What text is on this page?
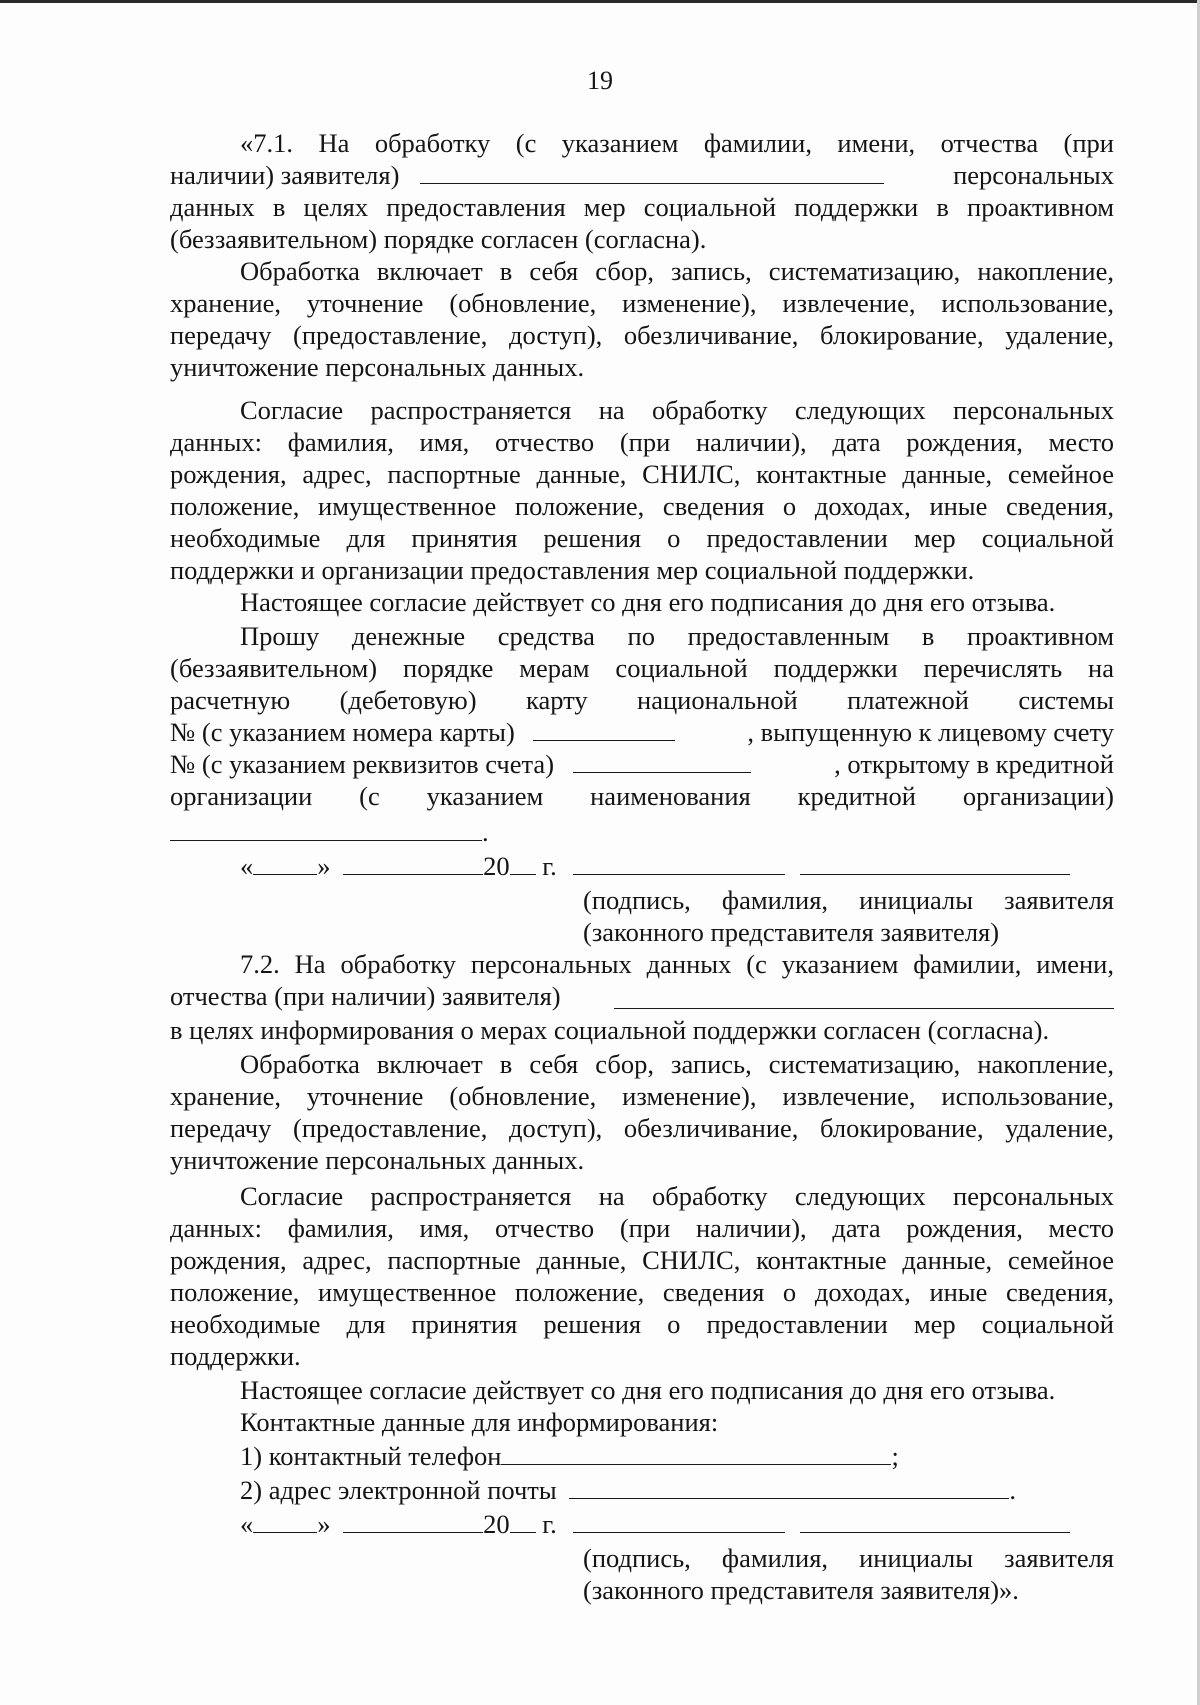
19
«7.1. На обработку (с указанием фамилии, имени, отчества (при
наличии) заявителя)	персональных
данных в целях предоставления мер социальной поддержки в проактивном
(беззаявительном) порядке согласен (согласна).
Обработка включает в себя сбор, запись, систематизацию, накопление,
хранение, уточнение (обновление, изменение), извлечение, использование,
передачу (предоставление, доступ), обезличивание, блокирование, удаление,
уничтожение персональных данных.
Согласие распространяется на обработку следующих персональных
данных: фамилия, имя, отчество (при наличии), дата рождения, место
рождения, адрес, паспортные данные, СНИЛС, контактные данные, семейное
положение, имущественное положение, сведения о доходах, иные сведения,
необходимые для принятия решения о предоставлении мер социальной
поддержки и организации предоставления мер социальной поддержки.
Настоящее согласие действует со дня его подписания до дня его отзыва.
Прошу денежные средства по предоставленным в проактивном
(беззаявительном) порядке мерам социальной поддержки перечислять на
расчетную (дебетовую) карту национальной платежной системы
№ (с указанием номера карты)	, выпущенную к лицевому счету
№ (с указанием реквизитов счета)	, открытому в кредитной
организации (с указанием наименования кредитной организации)
.
« »	20 г.
(подпись, фамилия, инициалы заявителя
(законного представителя заявителя)
7.2. На обработку персональных данных (с указанием фамилии, имени,
отчества (при наличии) заявителя)
в целях информирования о мерах социальной поддержки согласен (согласна).
Обработка включает в себя сбор, запись, систематизацию, накопление,
хранение, уточнение (обновление, изменение), извлечение, использование,
передачу (предоставление, доступ), обезличивание, блокирование, удаление,
уничтожение персональных данных.
Согласие распространяется на обработку следующих персональных
данных: фамилия, имя, отчество (при наличии), дата рождения, место
рождения, адрес, паспортные данные, СНИЛС, контактные данные, семейное
положение, имущественное положение, сведения о доходах, иные сведения,
необходимые для принятия решения о предоставлении мер социальной
поддержки.
Настоящее согласие действует со дня его подписания до дня его отзыва.
Контактные данные для информирования:
1) контактный телефон	;
2) адрес электронной почты	.
« »	20 г.
(подпись, фамилия, инициалы заявителя
(законного представителя заявителя)».
